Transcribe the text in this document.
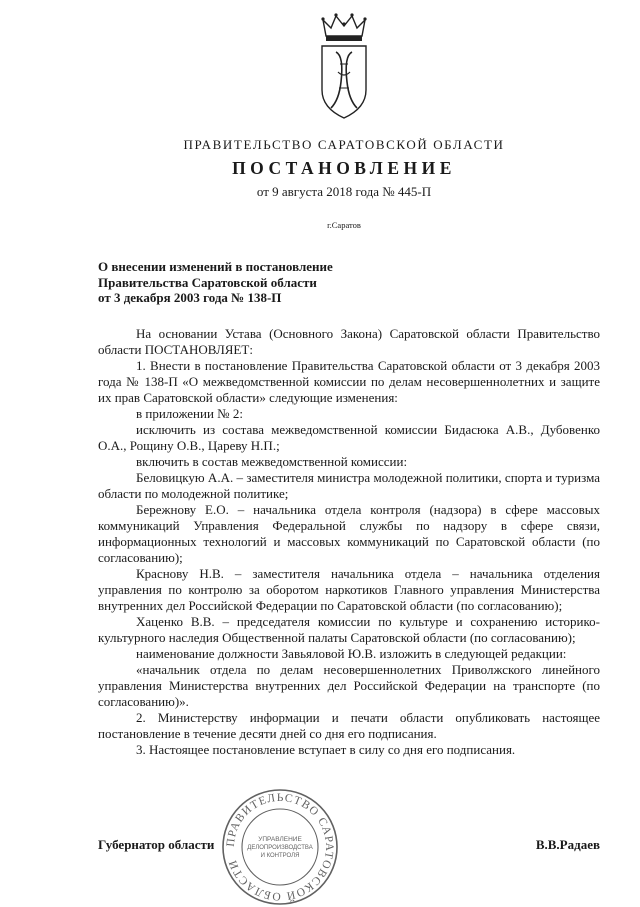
ПРАВИТЕЛЬСТВО САРАТОВСКОЙ ОБЛАСТИ
ПОСТАНОВЛЕНИЕ
от 9 августа 2018 года № 445-П
г.Саратов
О внесении изменений в постановление
Правительства Саратовской области
от 3 декабря 2003 года № 138-П

На основании Устава (Основного Закона) Саратовской области Правительство области ПОСТАНОВЛЯЕТ:

1. Внести в постановление Правительства Саратовской области от 3 декабря 2003 года № 138-П «О межведомственной комиссии по делам несовершеннолетних и защите их прав Саратовской области» следующие изменения:

в приложении № 2:

исключить из состава межведомственной комиссии Бидасюка А.В., Дубовенко О.А., Рощину О.В., Цареву Н.П.;

включить в состав межведомственной комиссии:

Беловицкую А.А. – заместителя министра молодежной политики, спорта и туризма области по молодежной политике;

Бережнову Е.О. – начальника отдела контроля (надзора) в сфере массовых коммуникаций Управления Федеральной службы по надзору в сфере связи, информационных технологий и массовых коммуникаций по Саратовской области (по согласованию);

Краснову Н.В. – заместителя начальника отдела – начальника отделения управления по контролю за оборотом наркотиков Главного управления Министерства внутренних дел Российской Федерации по Саратовской области (по согласованию);

Хаценко В.В. – председателя комиссии по культуре и сохранению историко-культурного наследия Общественной палаты Саратовской области (по согласованию);

наименование должности Завьяловой Ю.В. изложить в следующей редакции:

«начальник отдела по делам несовершеннолетних Приволжского линейного управления Министерства внутренних дел Российской Федерации на транспорте (по согласованию)».

2. Министерству информации и печати области опубликовать настоящее постановление в течение десяти дней со дня его подписания.

3. Настоящее постановление вступает в силу со дня его подписания.

ПРАВИТЕЛЬСТВО САРАТОВСКОЙ ОБЛАСТИ
УПРАВЛЕНИЕ
ДЕЛОПРОИЗВОДСТВА
И КОНТРОЛЯ
Губернатор области	В.В.Радаев
